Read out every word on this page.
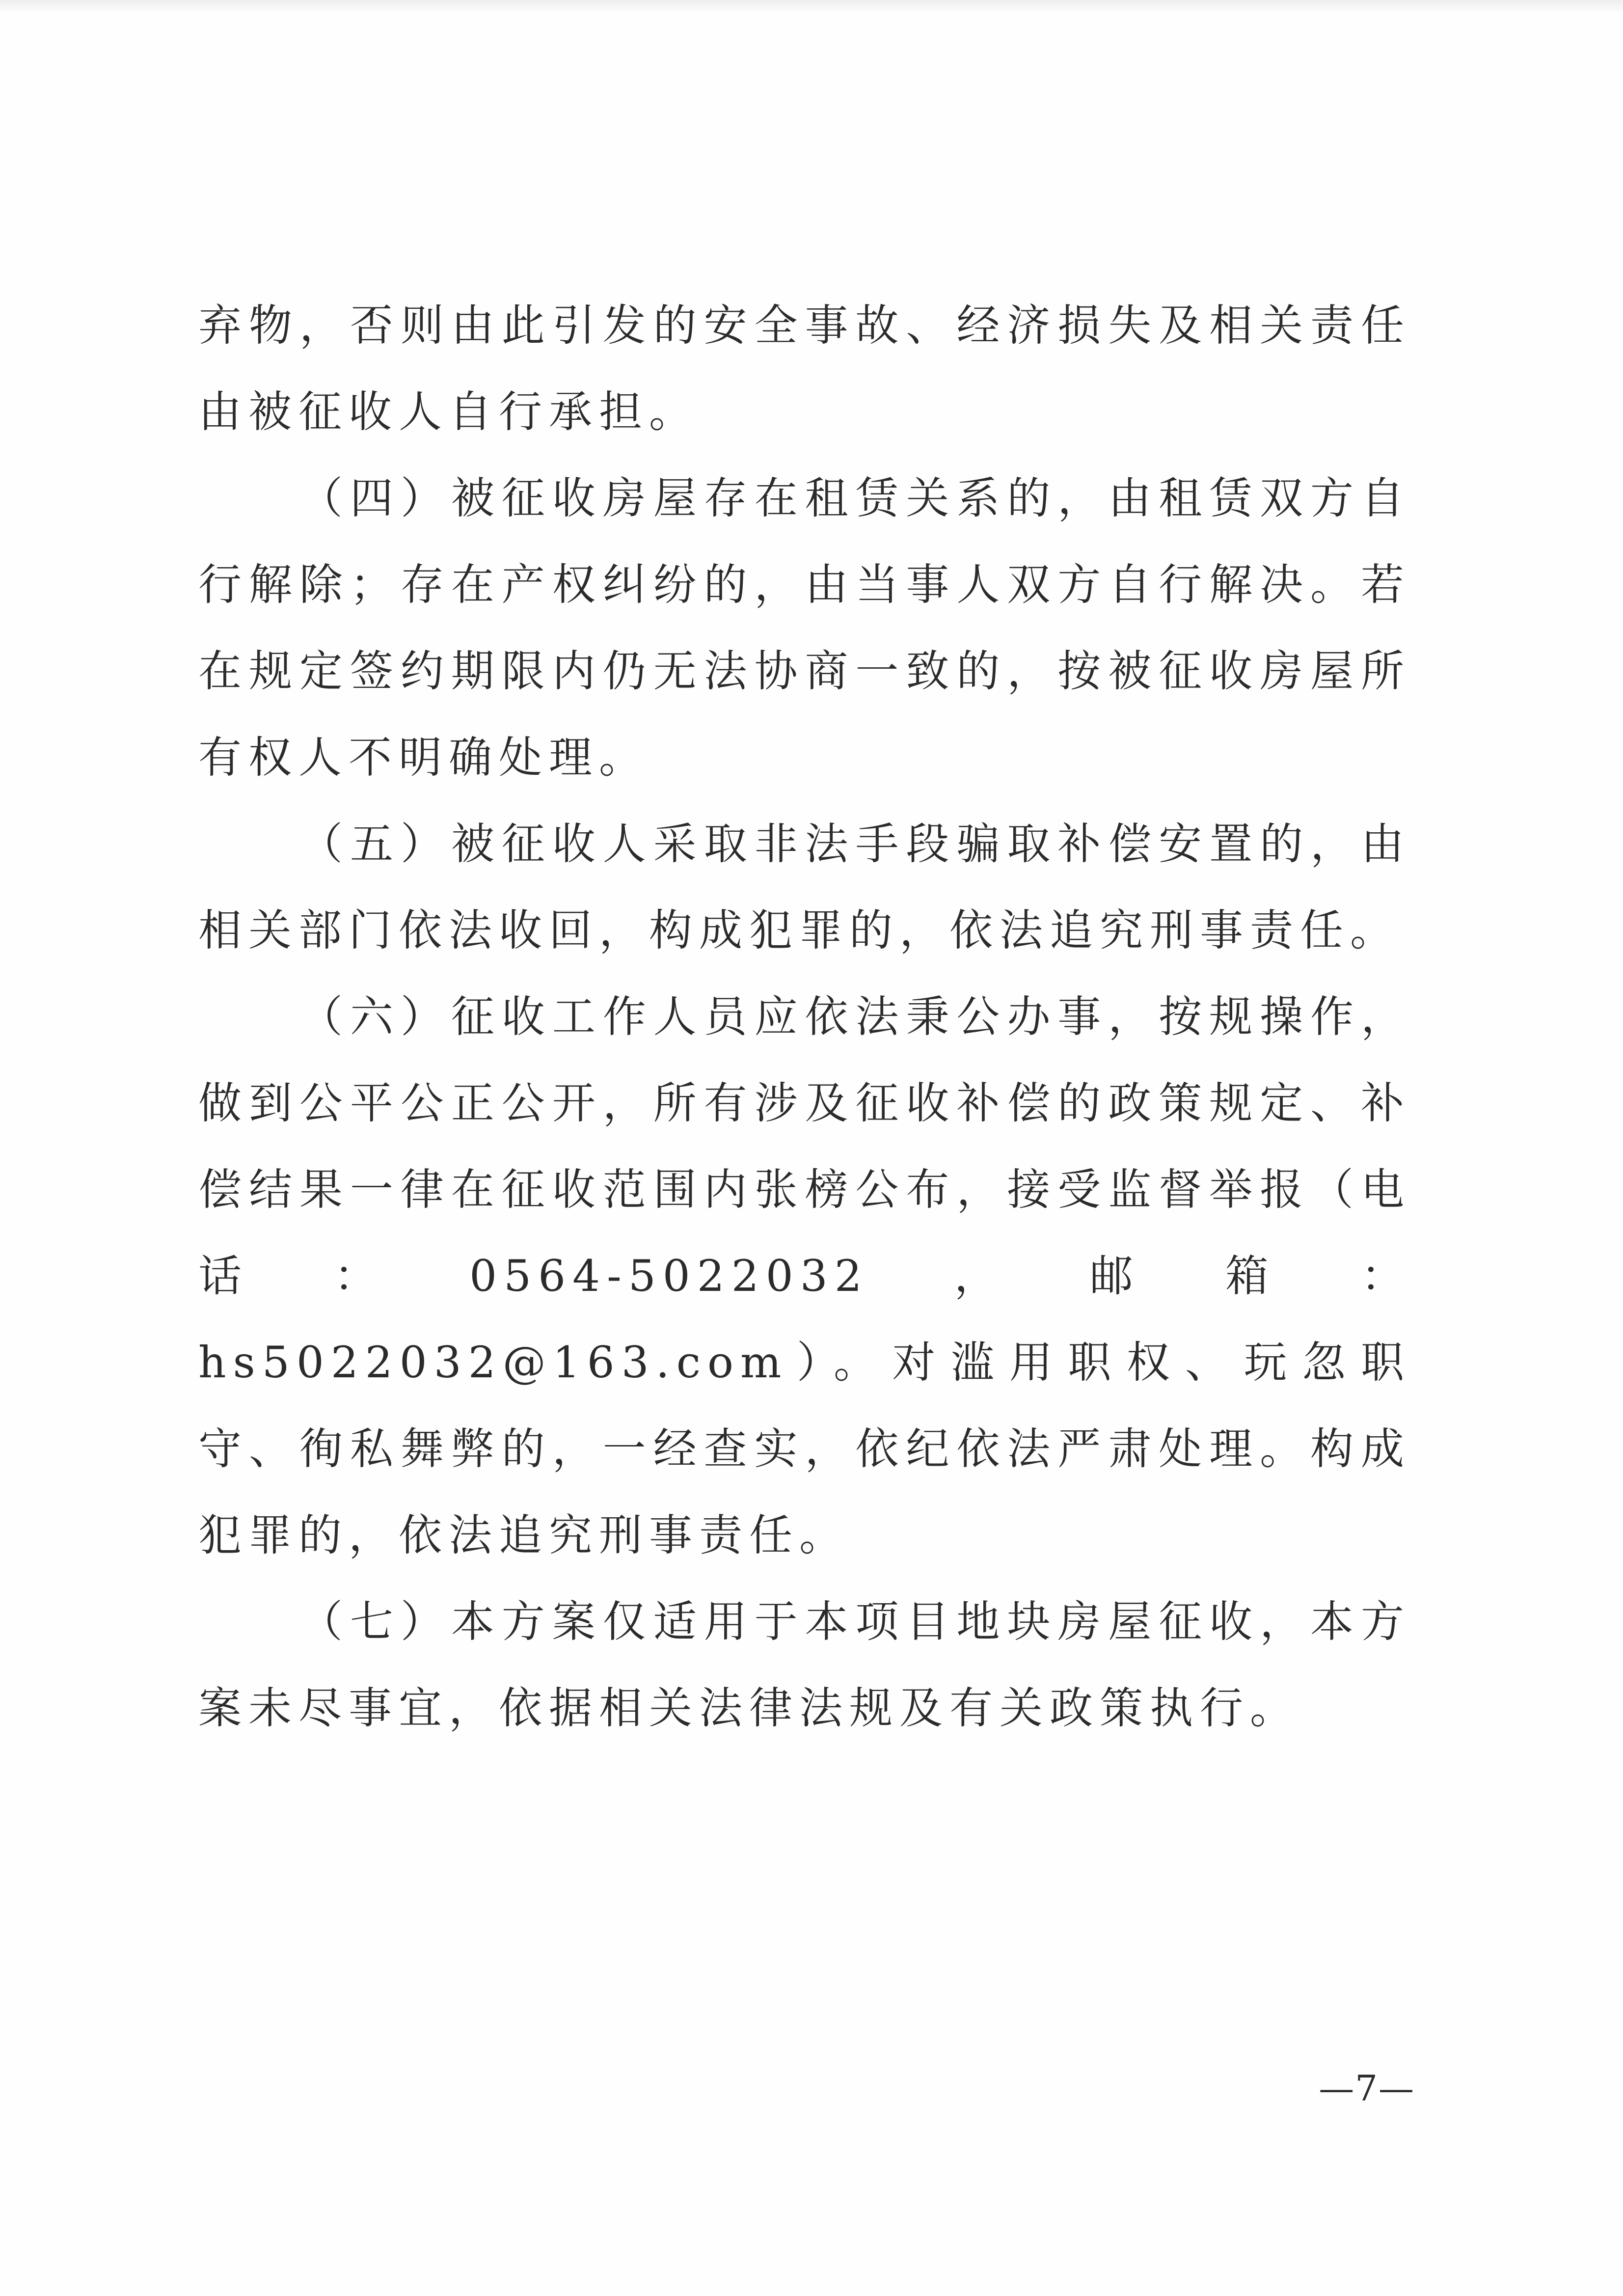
弃物，否则由此引发的安全事故、经济损失及相关责任由被征收人自行承担。

（四）被征收房屋存在租赁关系的，由租赁双方自行解除；存在产权纠纷的，由当事人双方自行解决。若在规定签约期限内仍无法协商一致的，按被征收房屋所有权人不明确处理。

（五）被征收人采取非法手段骗取补偿安置的，由相关部门依法收回，构成犯罪的，依法追究刑事责任。

（六）征收工作人员应依法秉公办事，按规操作，做到公平公正公开，所有涉及征收补偿的政策规定、补偿结果一律在征收范围内张榜公布，接受监督举报（电话：0564-5022032，邮箱：hs5022032@163.com）。对滥用职权、玩忽职守、徇私舞弊的，一经查实，依纪依法严肃处理。构成犯罪的，依法追究刑事责任。

（七）本方案仅适用于本项目地块房屋征收，本方案未尽事宜，依据相关法律法规及有关政策执行。

—7—
